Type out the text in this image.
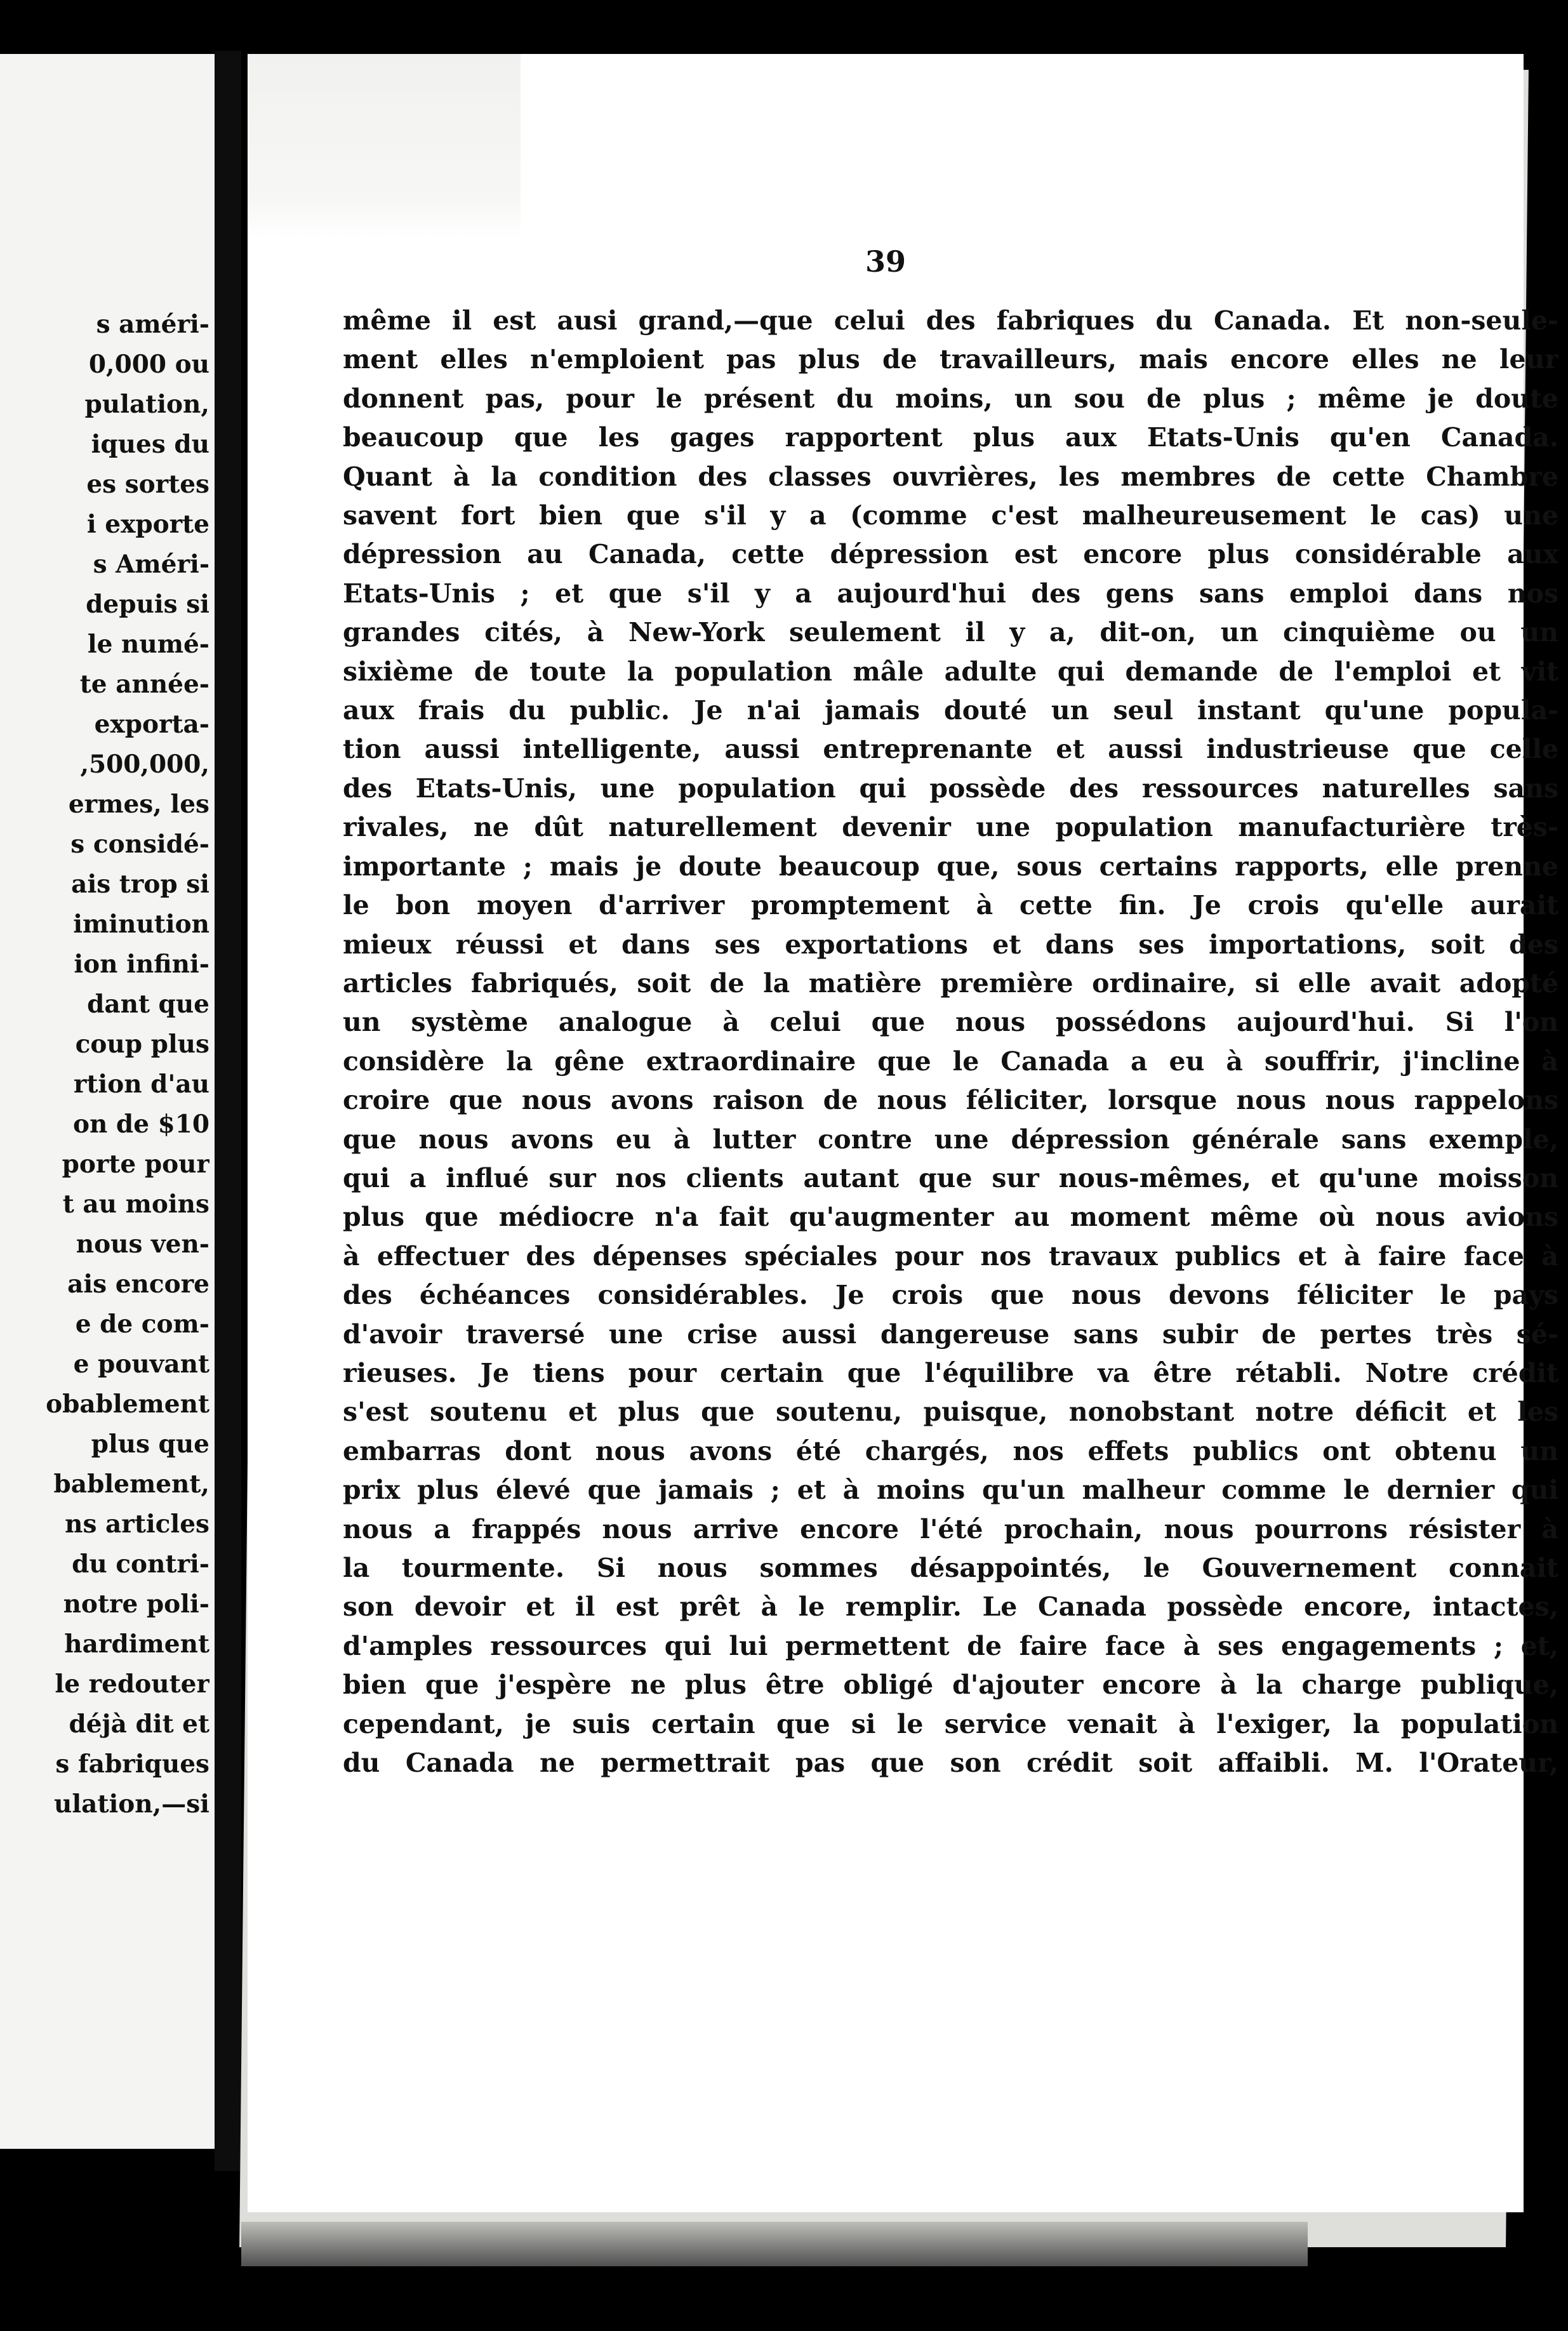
s améri-
0,000 ou
pulation,
iques du
es sortes
i exporte
s Améri-
depuis si
le numé-
te année-
exporta-
,500,000,
ermes, les
s considé-
ais trop si
iminution
ion infini-
dant que
coup plus
rtion d'au
on de $10
porte pour
t au moins
nous ven-
ais encore
e de com-
e pouvant
obablement
plus que
bablement,
ns articles
du contri-
notre poli-
hardiment
le redouter
déjà dit et
s fabriques
ulation,—si
39
même il est ausi grand,—que celui des fabriques du Canada. Et non-seule-
ment elles n'emploient pas plus de travailleurs, mais encore elles ne leur
donnent pas, pour le présent du moins, un sou de plus ; même je doute
beaucoup que les gages rapportent plus aux Etats-Unis qu'en Canada.
Quant à la condition des classes ouvrières, les membres de cette Chambre
savent fort bien que s'il y a (comme c'est malheureusement le cas) une
dépression au Canada, cette dépression est encore plus considérable aux
Etats-Unis ; et que s'il y a aujourd'hui des gens sans emploi dans nos
grandes cités, à New-York seulement il y a, dit-on, un cinquième ou un
sixième de toute la population mâle adulte qui demande de l'emploi et vit
aux frais du public. Je n'ai jamais douté un seul instant qu'une popula-
tion aussi intelligente, aussi entreprenante et aussi industrieuse que celle
des Etats-Unis, une population qui possède des ressources naturelles sans
rivales, ne dût naturellement devenir une population manufacturière très-
importante ; mais je doute beaucoup que, sous certains rapports, elle prenne
le bon moyen d'arriver promptement à cette fin. Je crois qu'elle aurait
mieux réussi et dans ses exportations et dans ses importations, soit des
articles fabriqués, soit de la matière première ordinaire, si elle avait adopté
un système analogue à celui que nous possédons aujourd'hui. Si l'on
considère la gêne extraordinaire que le Canada a eu à souffrir, j'incline à
croire que nous avons raison de nous féliciter, lorsque nous nous rappelons
que nous avons eu à lutter contre une dépression générale sans exemple,
qui a influé sur nos clients autant que sur nous-mêmes, et qu'une moisson
plus que médiocre n'a fait qu'augmenter au moment même où nous avions
à effectuer des dépenses spéciales pour nos travaux publics et à faire face à
des échéances considérables. Je crois que nous devons féliciter le pays
d'avoir traversé une crise aussi dangereuse sans subir de pertes très sé-
rieuses. Je tiens pour certain que l'équilibre va être rétabli. Notre crédit
s'est soutenu et plus que soutenu, puisque, nonobstant notre déficit et les
embarras dont nous avons été chargés, nos effets publics ont obtenu un
prix plus élevé que jamais ; et à moins qu'un malheur comme le dernier qui
nous a frappés nous arrive encore l'été prochain, nous pourrons résister à
la tourmente. Si nous sommes désappointés, le Gouvernement connait
son devoir et il est prêt à le remplir. Le Canada possède encore, intactes,
d'amples ressources qui lui permettent de faire face à ses engagements ; et,
bien que j'espère ne plus être obligé d'ajouter encore à la charge publique,
cependant, je suis certain que si le service venait à l'exiger, la population
du Canada ne permettrait pas que son crédit soit affaibli. M. l'Orateur,
